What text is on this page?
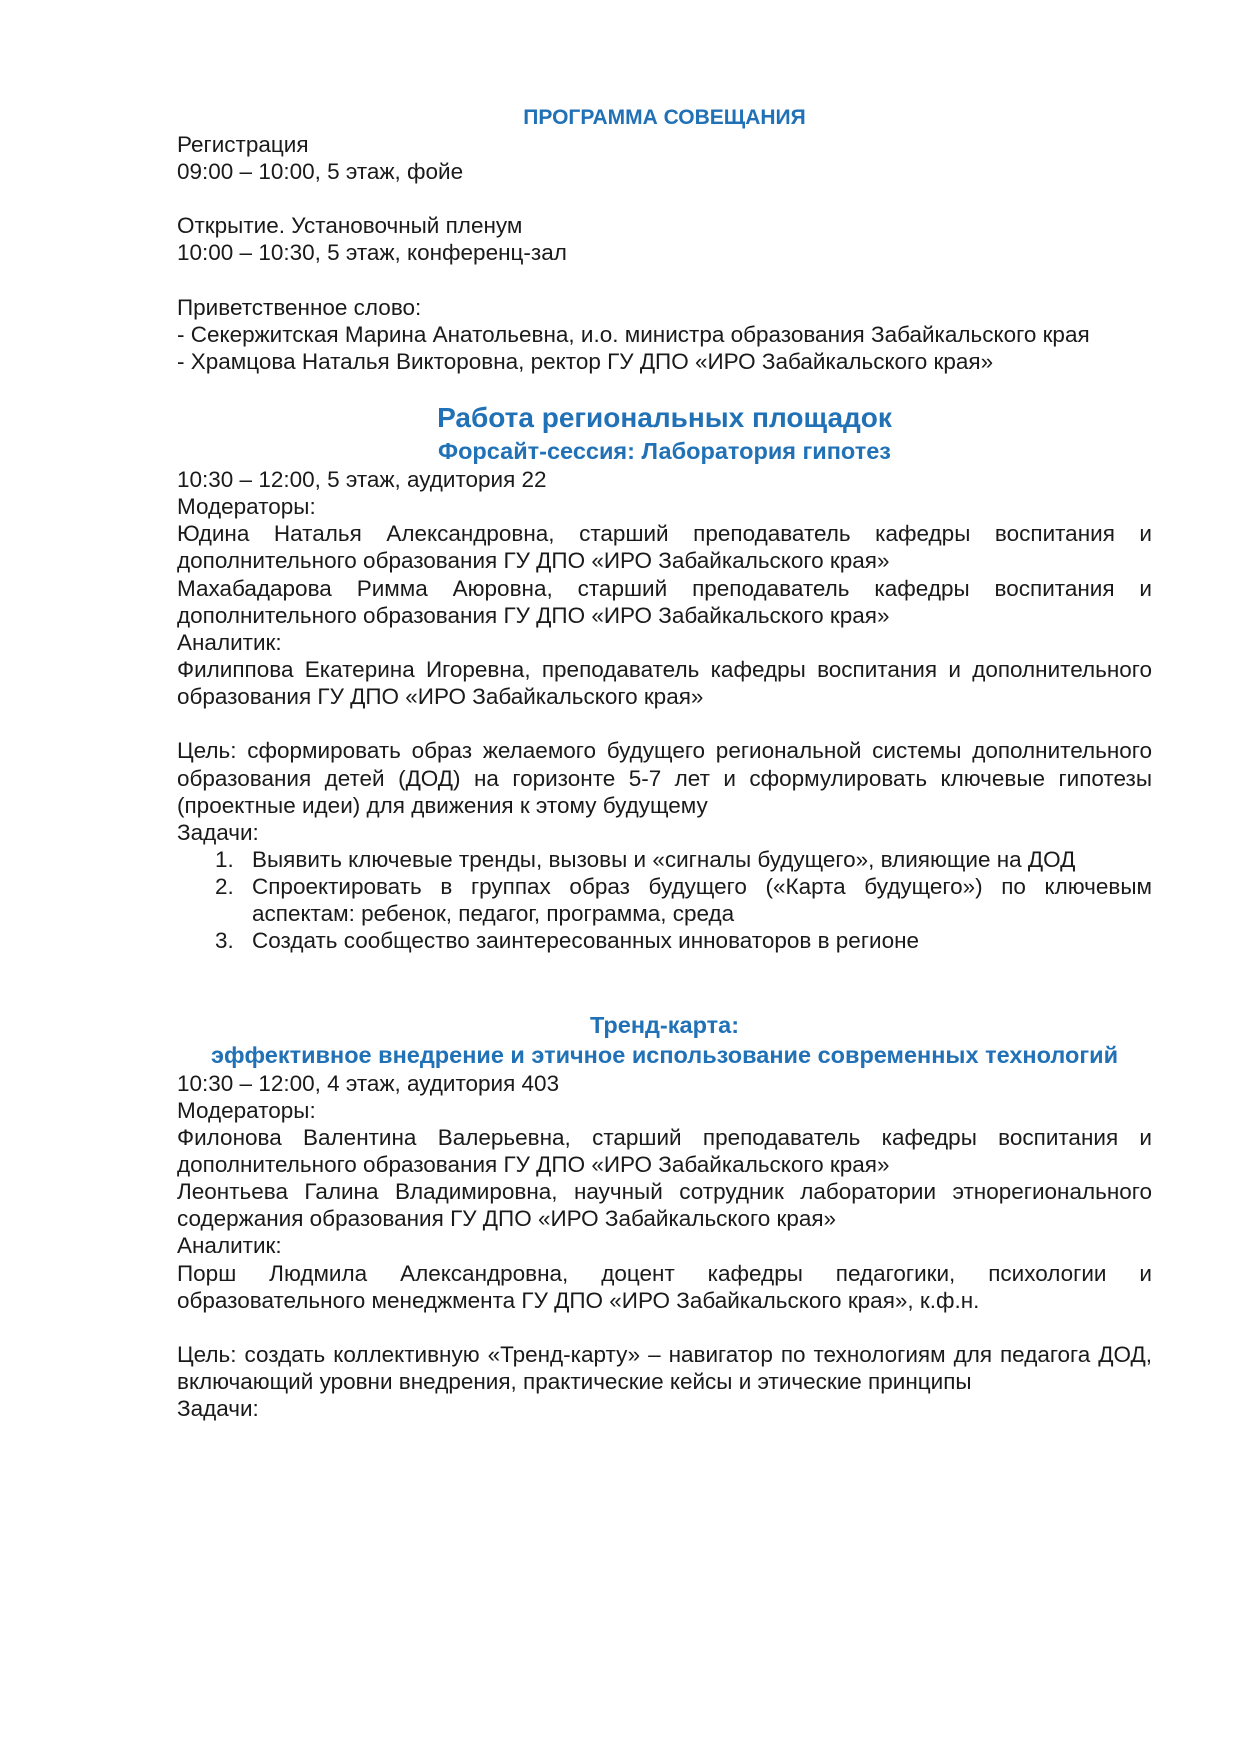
ПРОГРАММА СОВЕЩАНИЯ
Регистрация
09:00 – 10:00, 5 этаж, фойе
Открытие. Установочный пленум
10:00 – 10:30, 5 этаж, конференц-зал
Приветственное слово:
- Секержитская Марина Анатольевна, и.о. министра образования Забайкальского края
- Храмцова Наталья Викторовна, ректор ГУ ДПО «ИРО Забайкальского края»
Работа региональных площадок
Форсайт-сессия: Лаборатория гипотез
10:30 – 12:00, 5 этаж, аудитория 22
Модераторы:
Юдина Наталья Александровна, старший преподаватель кафедры воспитания и
дополнительного образования ГУ ДПО «ИРО Забайкальского края»
Махабадарова Римма Аюровна, старший преподаватель кафедры воспитания и
дополнительного образования ГУ ДПО «ИРО Забайкальского края»
Аналитик:
Филиппова Екатерина Игоревна, преподаватель кафедры воспитания и дополнительного
образования ГУ ДПО «ИРО Забайкальского края»
Цель: сформировать образ желаемого будущего региональной системы дополнительного
образования детей (ДОД) на горизонте 5-7 лет и сформулировать ключевые гипотезы
(проектные идеи) для движения к этому будущему
Задачи:
1. Выявить ключевые тренды, вызовы и «сигналы будущего», влияющие на ДОД
2. Спроектировать в группах образ будущего («Карта будущего») по ключевым
аспектам: ребенок, педагог, программа, среда
3. Создать сообщество заинтересованных инноваторов в регионе
Тренд-карта:
эффективное внедрение и этичное использование современных технологий
10:30 – 12:00, 4 этаж, аудитория 403
Модераторы:
Филонова Валентина Валерьевна, старший преподаватель кафедры воспитания и
дополнительного образования ГУ ДПО «ИРО Забайкальского края»
Леонтьева Галина Владимировна, научный сотрудник лаборатории этнорегионального
содержания образования ГУ ДПО «ИРО Забайкальского края»
Аналитик:
Порш Людмила Александровна, доцент кафедры педагогики, психологии и
образовательного менеджмента ГУ ДПО «ИРО Забайкальского края», к.ф.н.
Цель: создать коллективную «Тренд-карту» – навигатор по технологиям для педагога ДОД,
включающий уровни внедрения, практические кейсы и этические принципы
Задачи:
